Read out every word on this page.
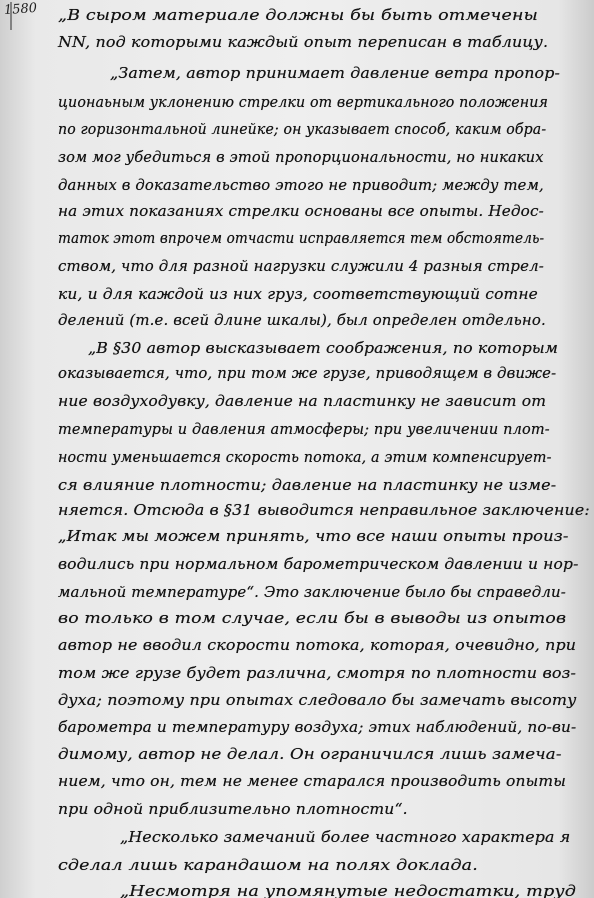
1580 „В сыром материале должны бы быть отмечены
NN, под которыми каждый опыт переписан в таблицу.
„Затем, автор принимает давление ветра пропор-
ционаьным уклонению стрелки от вертикального положения
по горизонтальной линейке; он указывает способ, каким обра-
зом мог убедиться в этой пропорциональности, но никаких
данных в доказательство этого не приводит; между тем,
на этих показаниях стрелки основаны все опыты. Недос-
таток этот впрочем отчасти исправляется тем обстоятель-
ством, что для разной нагрузки служили 4 разныя стрел-
ки, и для каждой из них груз, соответствующий сотне
делений (т.е. всей длине шкалы), был определен отдельно.
„В §30 автор высказывает соображения, по которым
оказывается, что, при том же грузе, приводящем в движе-
ние воздуходувку, давление на пластинку не зависит от
температуры и давления атмосферы; при увеличении плот-
ности уменьшается скорость потока, а этим компенсирует-
ся влияние плотности; давление на пластинку не изме-
няется. Отсюда в §31 выводится неправильное заключение:
„Итак мы можем принять, что все наши опыты произ-
водились при нормальном барометрическом давлении и нор-
мальной температуре“. Это заключение было бы справедли-
во только в том случае, если бы в выводы из опытов
автор не вводил скорости потока, которая, очевидно, при
том же грузе будет различна, смотря по плотности воз-
духа; поэтому при опытах следовало бы замечать высоту
барометра и температуру воздуха; этих наблюдений, по-ви-
димому, автор не делал. Он ограничился лишь замеча-
нием, что он, тем не менее старался производить опыты
при одной приблизительно плотности“.
„Несколько замечаний более частного характера я
сделал лишь карандашом на полях доклада.
„Несмотря на упомянутые недостатки, труд
